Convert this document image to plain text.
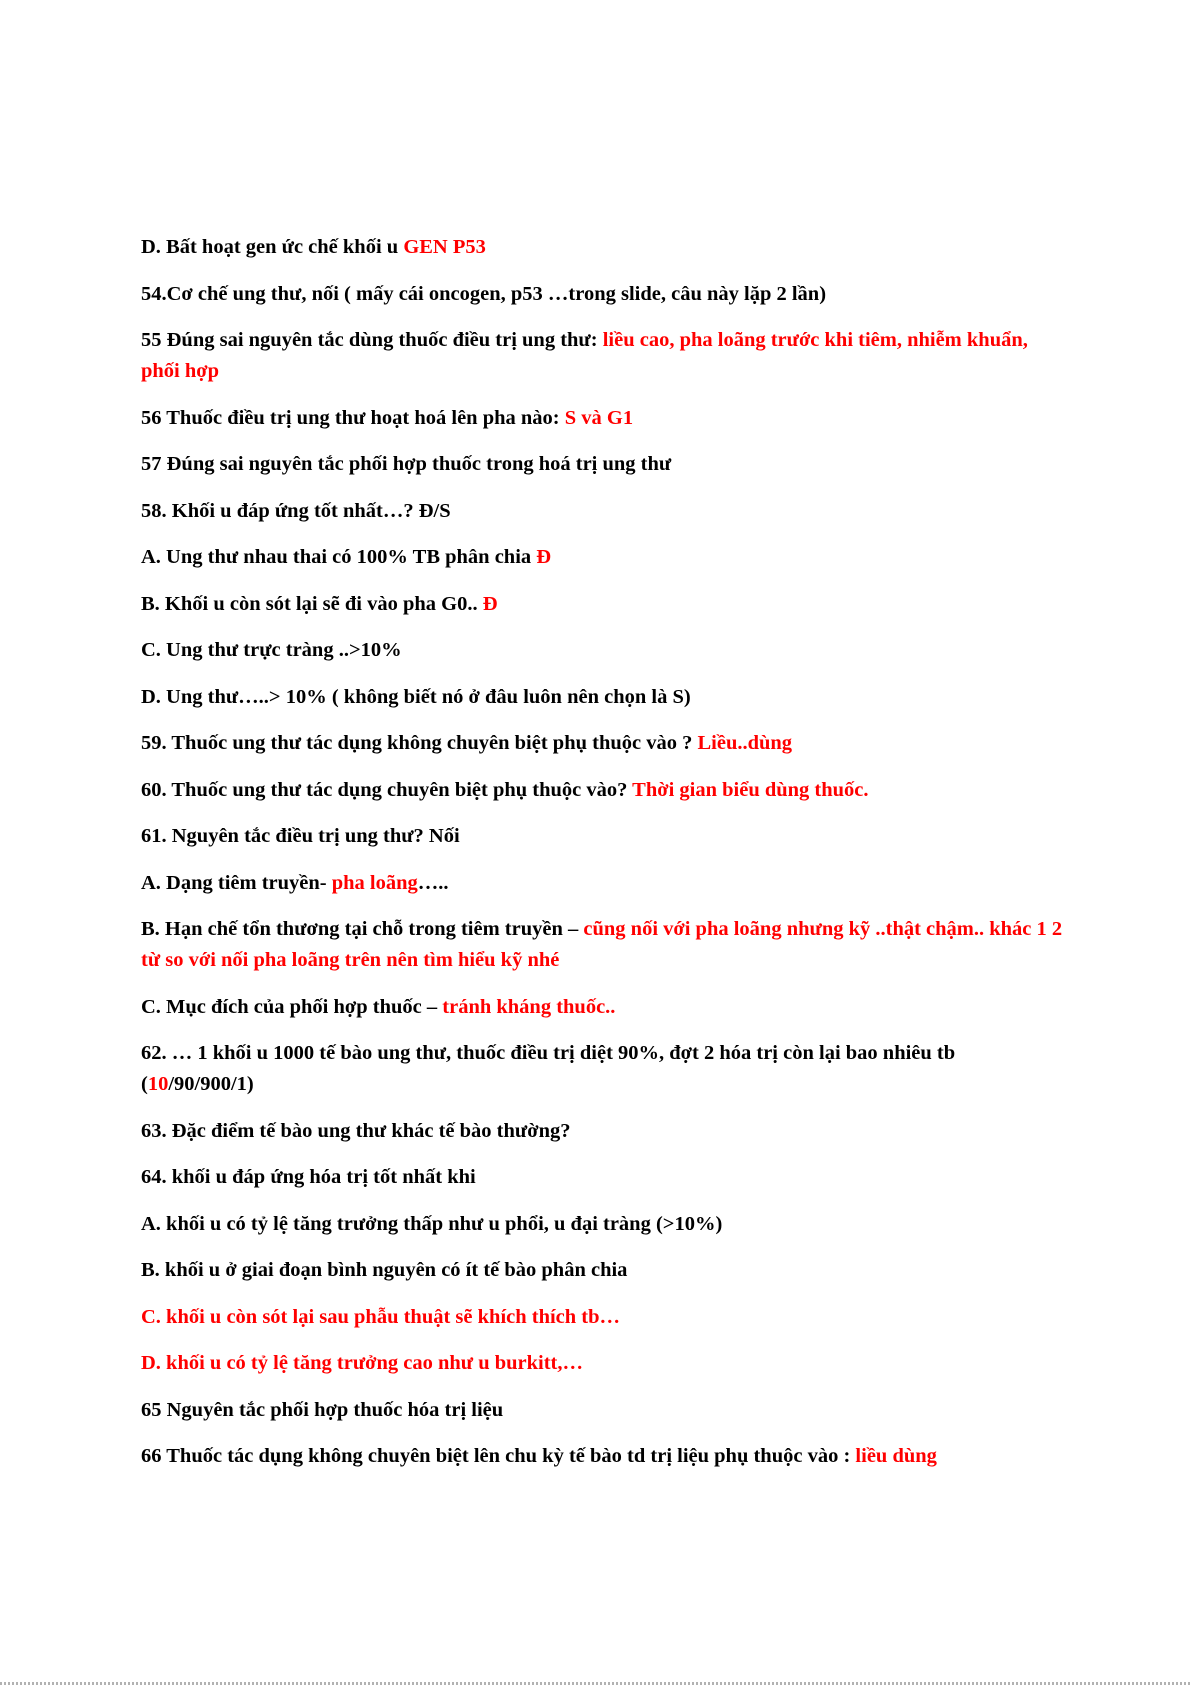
D. Bất hoạt gen ức chế khối u GEN P53

54.Cơ chế ung thư, nối ( mấy cái oncogen, p53 …trong slide, câu này lặp 2 lần)

55 Đúng sai nguyên tắc dùng thuốc điều trị ung thư: liều cao, pha loãng trước khi tiêm, nhiễm khuẩn, phối hợp

56 Thuốc điều trị ung thư hoạt hoá lên pha nào: S và G1

57 Đúng sai nguyên tắc phối hợp thuốc trong hoá trị ung thư

58. Khối u đáp ứng tốt nhất…? Đ/S

A. Ung thư nhau thai có 100% TB phân chia Đ

B. Khối u còn sót lại sẽ đi vào pha G0.. Đ

C. Ung thư trực tràng ..>10%

D. Ung thư…..> 10% ( không biết nó ở đâu luôn nên chọn là S)

59. Thuốc ung thư tác dụng không chuyên biệt phụ thuộc vào ? Liều..dùng

60. Thuốc ung thư tác dụng chuyên biệt phụ thuộc vào? Thời gian biểu dùng thuốc.

61. Nguyên tắc điều trị ung thư? Nối

A. Dạng tiêm truyền- pha loãng…..

B. Hạn chế tổn thương tại chỗ trong tiêm truyền – cũng nối với pha loãng nhưng kỹ ..thật chậm.. khác 1 2 từ so với nối pha loãng trên nên tìm hiểu kỹ nhé

C. Mục đích của phối hợp thuốc – tránh kháng thuốc..

62. … 1 khối u 1000 tế bào ung thư, thuốc điều trị diệt 90%, đợt 2 hóa trị còn lại bao nhiêu tb (10/90/900/1)

63. Đặc điểm tế bào ung thư khác tế bào thường?

64. khối u đáp ứng hóa trị tốt nhất khi

A. khối u có tỷ lệ tăng trưởng thấp như u phổi, u đại tràng (>10%)

B. khối u ở giai đoạn bình nguyên có ít tế bào phân chia

C. khối u còn sót lại sau phẫu thuật sẽ khích thích tb…

D. khối u có tỷ lệ tăng trưởng cao như u burkitt,…

65 Nguyên tắc phối hợp thuốc hóa trị liệu

66 Thuốc tác dụng không chuyên biệt lên chu kỳ tế bào td trị liệu phụ thuộc vào : liều dùng
